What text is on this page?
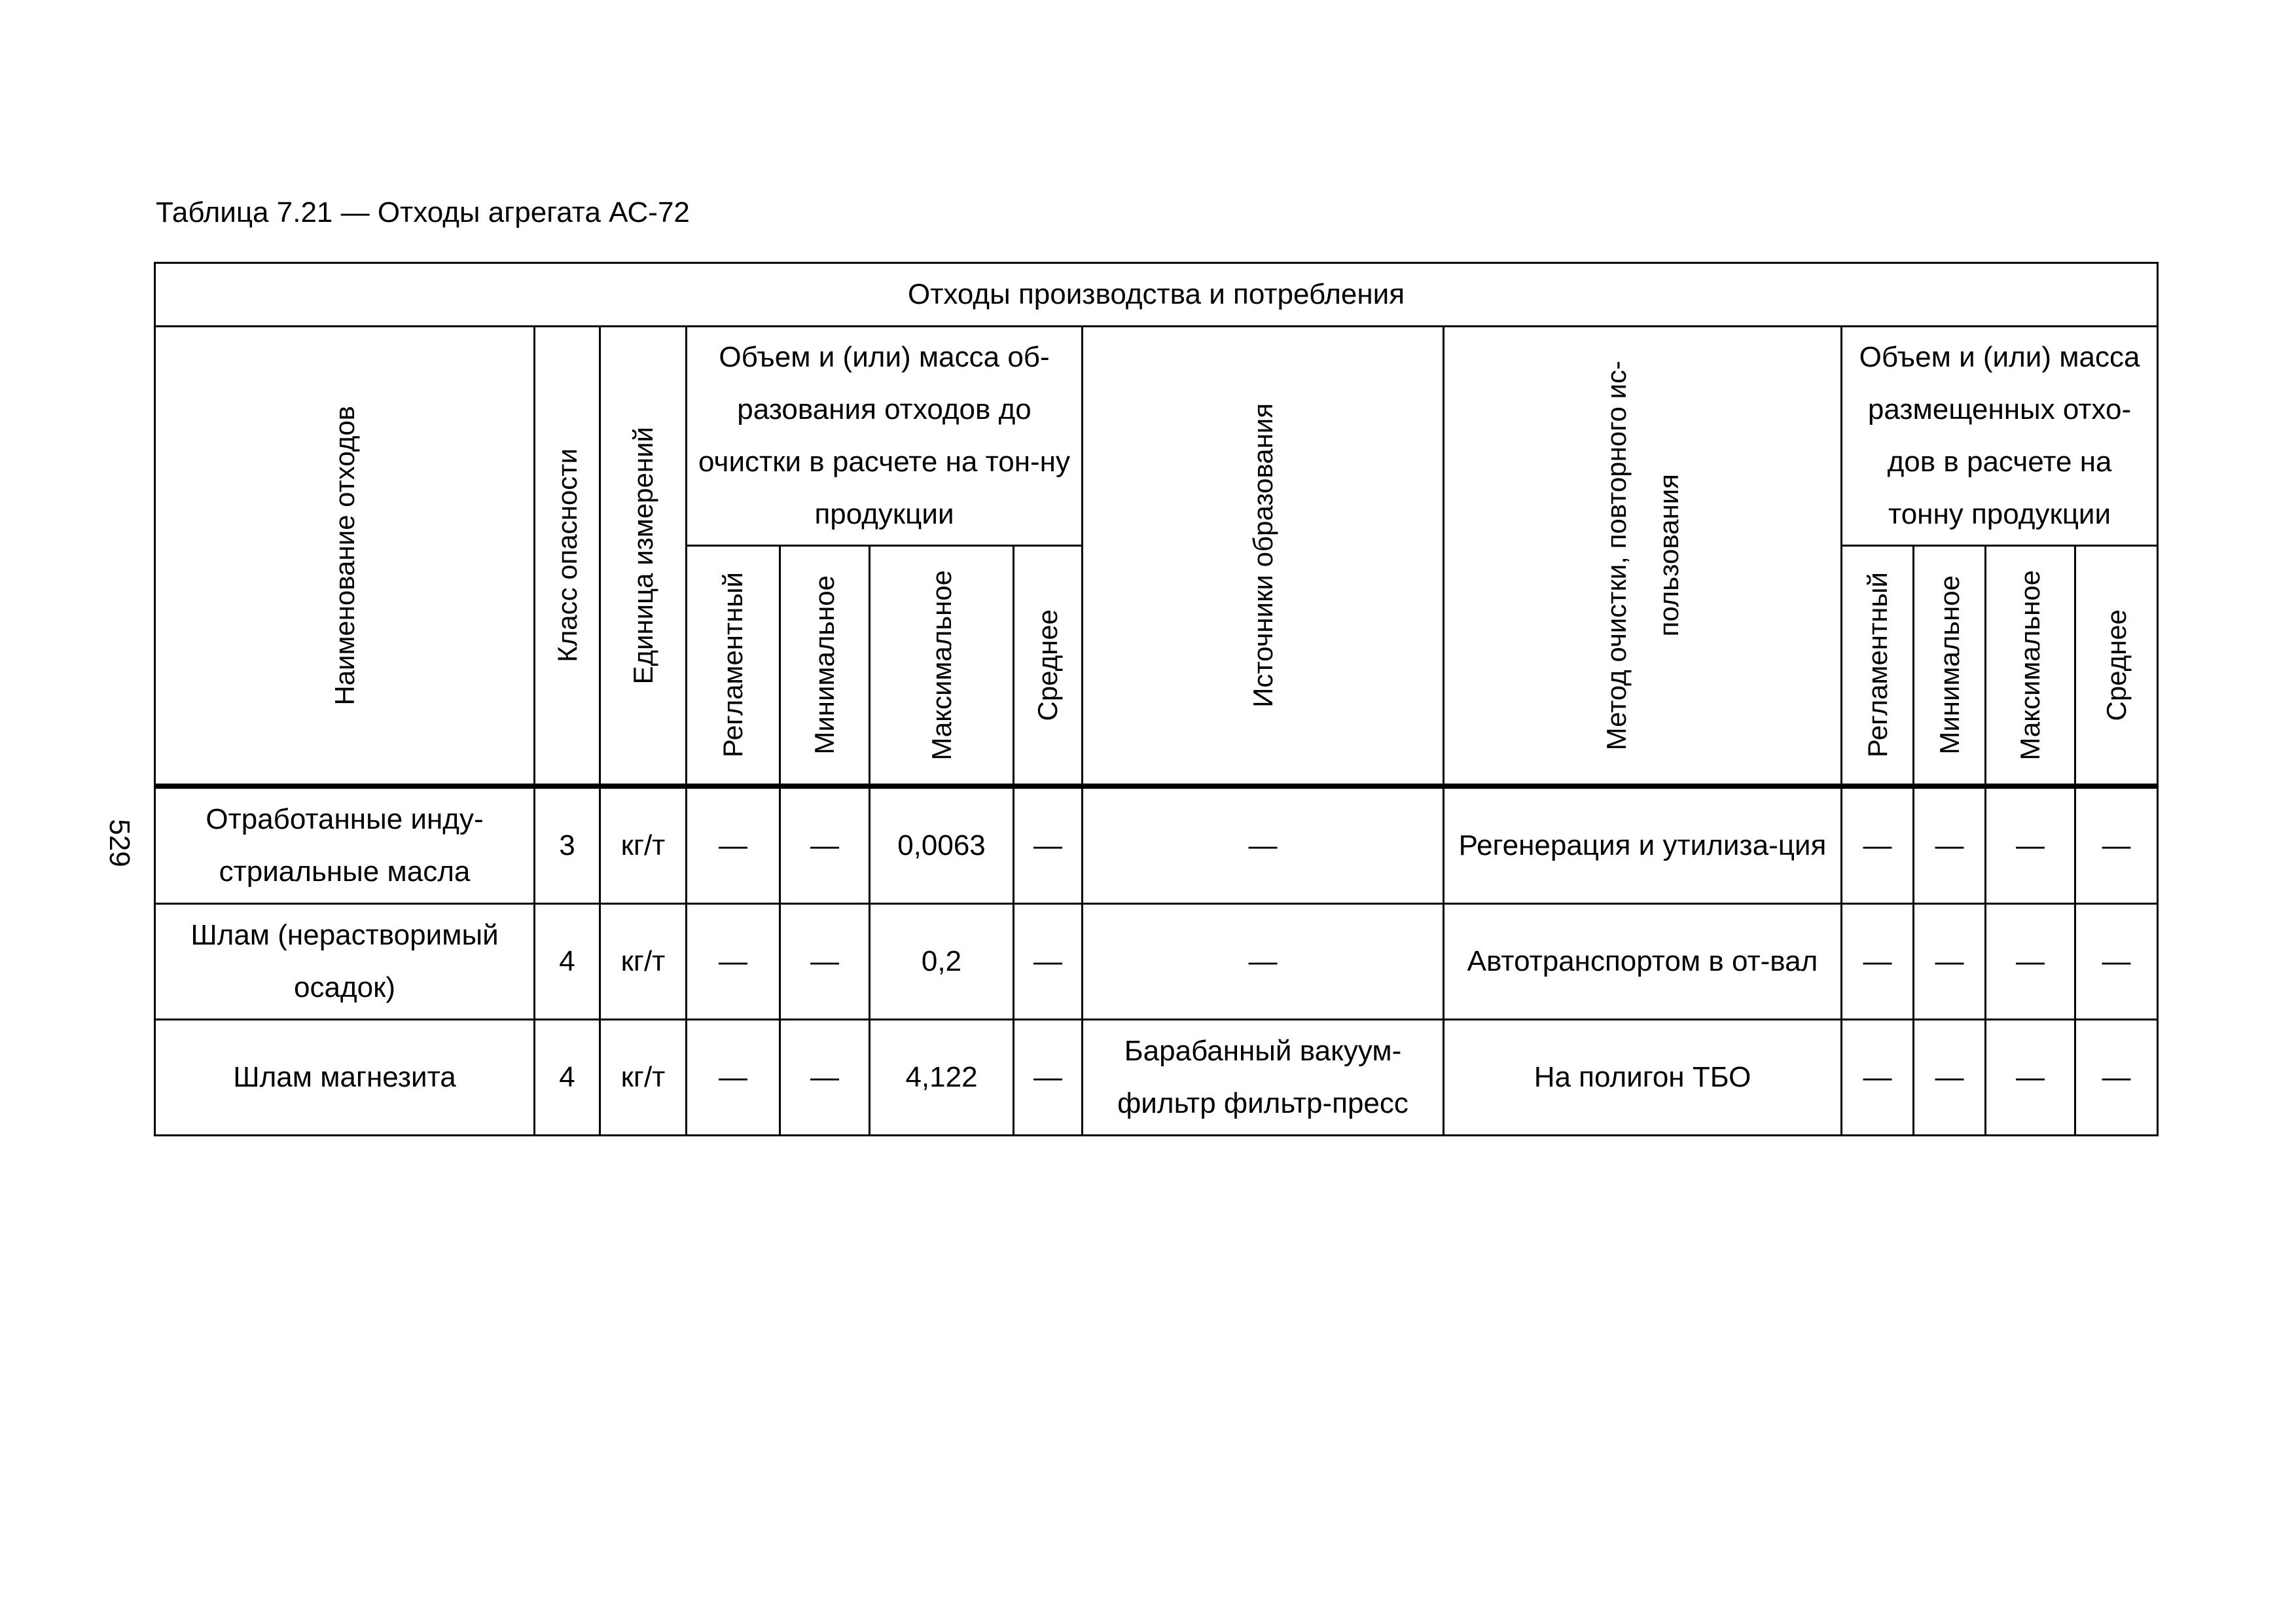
Таблица 7.21 — Отходы агрегата АС-72
529
Отходы производства и потребления												

Наименование отходов	Класс опасности	Единица измерений	Объем и (или) масса об-разования отходов до очистки в расчете на тон-ну продукции				Источники образования	Метод очистки, повторного ис- пользования	Объем и (или) масса размещенных отхо-дов в расчете на тонну продукции			

			Регламентный	Минимальное	Максимальное	Среднее			Регламентный	Минимальное	Максимальное	Среднее

Отработанные инду-стриальные масла	3	кг/т	—	—	0,0063	—	—	Регенерация и утилиза-ция	—	—	—	—
Шлам (нерастворимый осадок)	4	кг/т	—	—	0,2	—	—	Автотранспортом в от-вал	—	—	—	—
Шлам магнезита	4	кг/т	—	—	4,122	—	Барабанный вакуум-фильтр фильтр-пресс	На полигон ТБО	—	—	—	—
